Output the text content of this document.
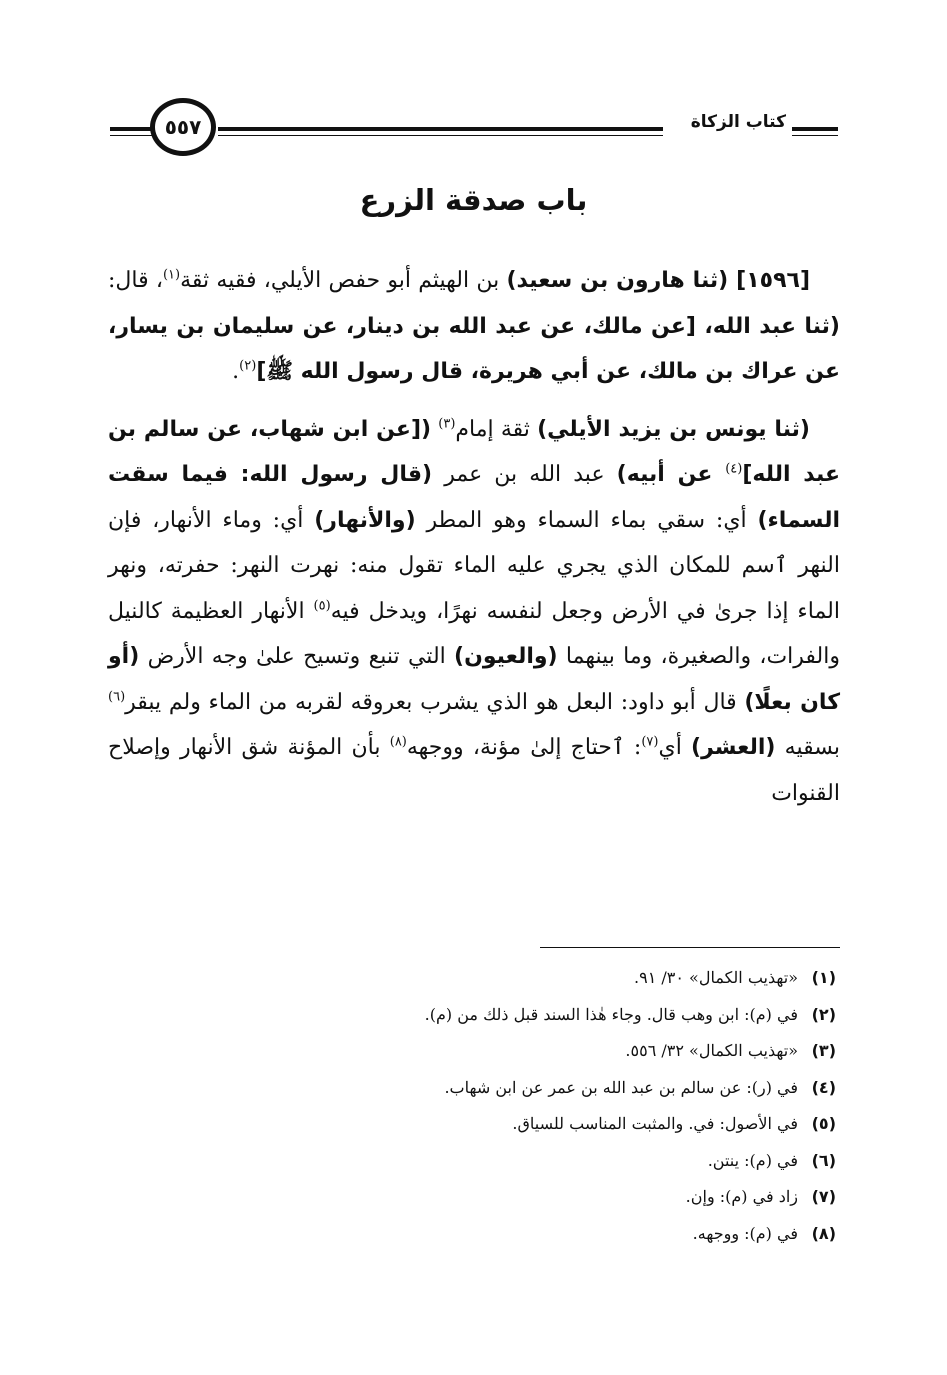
كتاب الزكاة
٥٥٧
باب صدقة الزرع

[١٥٩٦] (ثنا هارون بن سعيد) بن الهيثم أبو حفص الأيلي، فقيه ثقة$^{(١)}$، قال: (ثنا عبد الله، [عن مالك، عن عبد الله بن دينار، عن سليمان بن يسار، عن عراك بن مالك، عن أبي هريرة، قال رسول الله ﷺ]$^{(٢)}$.

(ثنا يونس بن يزيد الأيلي) ثقة إمام$^{(٣)}$ ([عن ابن شهاب، عن سالم بن عبد الله]$^{(٤)}$ عن أبيه) عبد الله بن عمر (قال رسول الله: فيما سقت السماء) أي: سقي بماء السماء وهو المطر (والأنهار) أي: وماء الأنهار، فإن النهر ٱسم للمكان الذي يجري عليه الماء تقول منه: نهرت النهر: حفرته، ونهر الماء إذا جرىٰ في الأرض وجعل لنفسه نهرًا، ويدخل فيه$^{(٥)}$ الأنهار العظيمة كالنيل والفرات، والصغيرة، وما بينهما (والعيون) التي تنبع وتسيح علىٰ وجه الأرض (أو كان بعلًا) قال أبو داود: البعل هو الذي يشرب بعروقه لقربه من الماء ولم يبقر$^{(٦)}$ بسقيه (العشر) أي$^{(٧)}$: ٱحتاج إلىٰ مؤنة، ووجهه$^{(٨)}$ بأن المؤنة شق الأنهار وإصلاح القنوات

(١)«تهذيب الكمال» ٣٠/ ٩١.

(٢)في (م): ابن وهب قال. وجاء هٰذا السند قبل ذلك من (م).

(٣)«تهذيب الكمال» ٣٢/ ٥٥٦.

(٤)في (ر): عن سالم بن عبد الله بن عمر عن ابن شهاب.

(٥)في الأصول: في. والمثبت المناسب للسياق.

(٦)في (م): ينتن.

(٧)زاد في (م): وإن.

(٨)في (م): ووجهه.
